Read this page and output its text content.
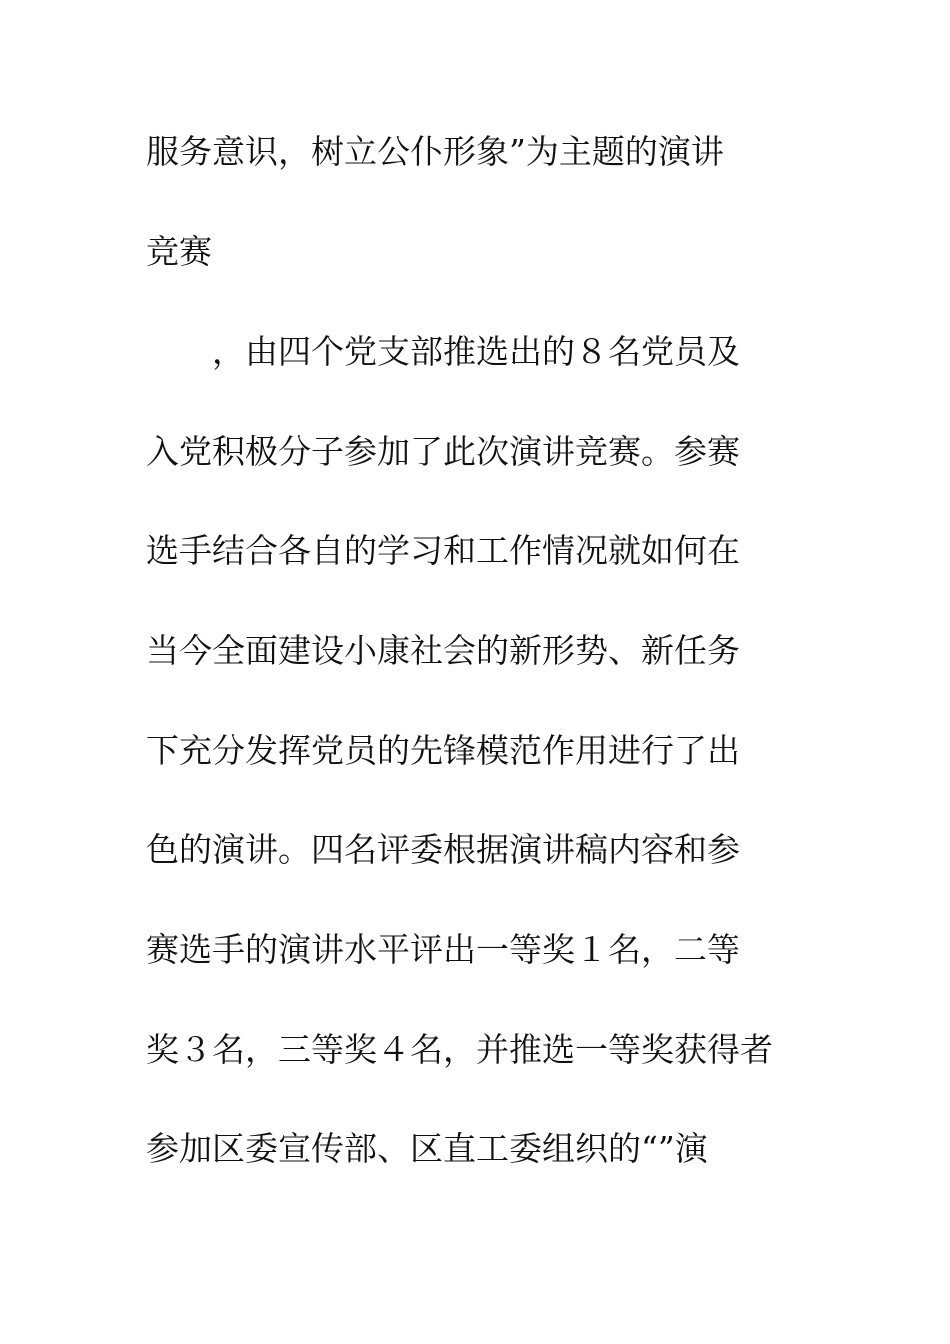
服务意识，树立公仆形象”为主题的演讲
竞赛
　　，由四个党支部推选出的８名党员及
入党积极分子参加了此次演讲竞赛。参赛
选手结合各自的学习和工作情况就如何在
当今全面建设小康社会的新形势、新任务
下充分发挥党员的先锋模范作用进行了出
色的演讲。四名评委根据演讲稿内容和参
赛选手的演讲水平评出一等奖１名，二等
奖３名，三等奖４名，并推选一等奖获得者
参加区委宣传部、区直工委组织的“”演
